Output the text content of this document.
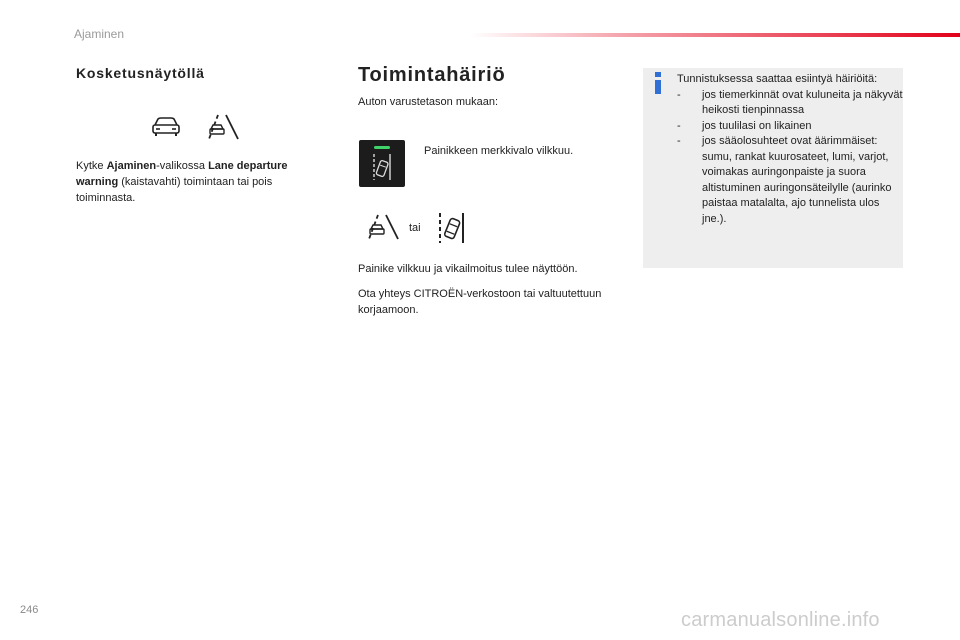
Ajaminen
Kosketusnäytöllä
Kytke Ajaminen-valikossa Lane departure warning (kaistavahti) toimintaan tai pois toiminnasta.
Toimintahäiriö
Auton varustetason mukaan:
Painikkeen merkkivalo vilkkuu.
tai
Painike vilkkuu ja vikailmoitus tulee näyttöön.
Ota yhteys CITROËN-verkostoon tai valtuutettuun korjaamoon.
Tunnistuksessa saattaa esiintyä häiriöitä:
- jos tiemerkinnät ovat kuluneita ja näkyvät heikosti tienpinnassa
- jos tuulilasi on likainen
- jos sääolosuhteet ovat äärimmäiset: sumu, rankat kuurosateet, lumi, varjot, voimakas auringonpaiste ja suora altistuminen auringonsäteilylle (aurinko paistaa matalalta, ajo tunnelista ulos jne.).
246	carmanualsonline.info
